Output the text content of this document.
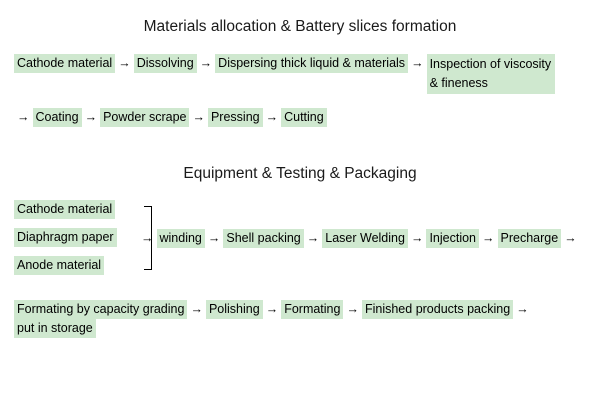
Materials allocation & Battery slices formation
Cathode material → Dissolving → Dispersing thick liquid & materials → Inspection of viscosity & fineness
→ Coating → Powder scrape → Pressing → Cutting
Equipment & Testing & Packaging
Cathode material
Diaphragm paper
Anode material
→ winding → Shell packing → Laser Welding → Injection → Precharge →
Formating by capacity grading → Polishing → Formating → Finished products packing →
put in storage
